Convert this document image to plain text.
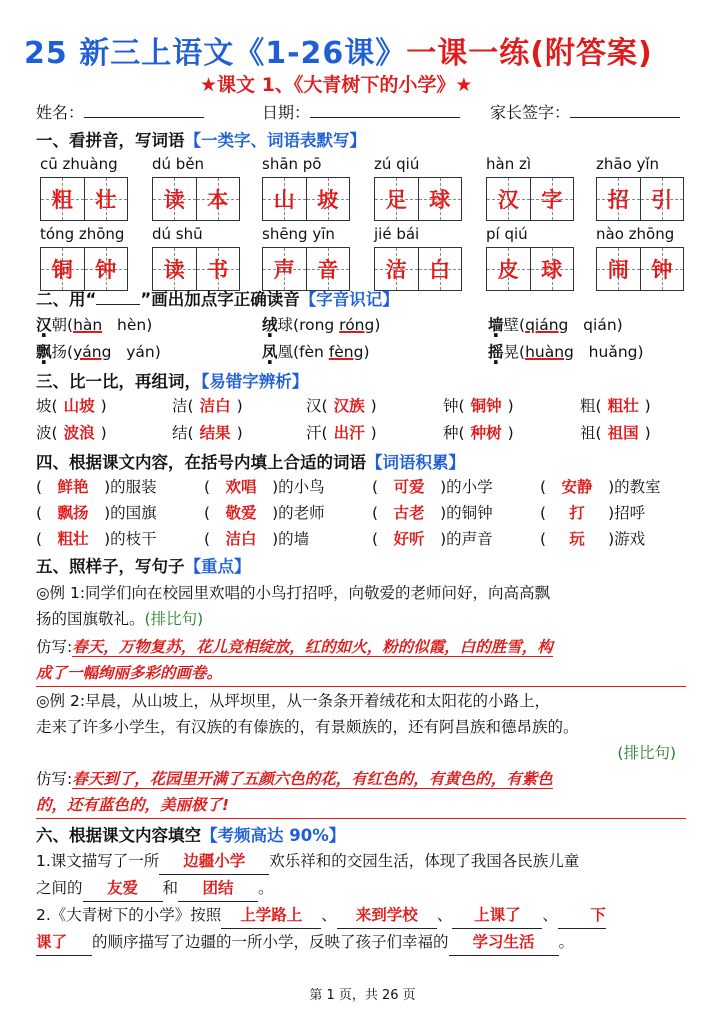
25 新三上语文《1-26课》一课一练(附答案)
★课文 1、《大青树下的小学》★
姓名：	日期：	家长签字：
一、看拼音，写词语【一类字、词语表默写】
cū zhuàng
粗 壮
dú běn
读 本
shān pō
山 坡
zú qiú
足 球
hàn zì
汉 字
zhāo yǐn
招 引
tóng zhōng
铜 钟
dú shū
读 书
shēng yīn
声 音
jié bái
洁 白
pí qiú
皮 球
nào zhōng
闹 钟
二、用“	”画出加点字正确读音【字音识记】
汉朝(hàn hèn)	绒球(rong róng)	墙壁(qiáng qián)
飘扬(yáng yán)	凤凰(fèn fèng)	摇晃(huàng huǎng)
三、比一比，再组词，【易错字辨析】
坡( 山坡 )	洁( 洁白 )	汉( 汉族 )	钟( 铜钟 )	粗( 粗壮 )
波( 波浪 )	结( 结果 )	汗( 出汗 )	种( 种树 )	祖( 祖国 )
四、根据课文内容，在括号内填上合适的词语【词语积累】
( 鲜艳 )的服装	( 欢唱 )的小鸟	( 可爱 )的小学	( 安静 )的教室
( 飘扬 )的国旗	( 敬爱 )的老师	( 古老 )的铜钟	( 打 )招呼
( 粗壮 )的枝干	( 洁白 )的墙	( 好听 )的声音	( 玩 )游戏
五、照样子，写句子【重点】
◎例 1:同学们向在校园里欢唱的小鸟打招呼，向敬爱的老师问好，向高高飘
扬的国旗敬礼。(排比句)
仿写:春天，万物复苏，花儿竞相绽放，红的如火，粉的似霞，白的胜雪，构
成了一幅绚丽多彩的画卷。
◎例 2:早晨，从山坡上，从坪坝里，从一条条开着绒花和太阳花的小路上，
走来了许多小学生，有汉族的有傣族的，有景颇族的，还有阿昌族和德昂族的。
(排比句)
仿写:春天到了，花园里开满了五颜六色的花，有红色的，有黄色的，有紫色
的，还有蓝色的，美丽极了!
六、根据课文内容填空【考频高达 90%】
1.课文描写了一所 边疆小学 欢乐祥和的交园生活，体现了我国各民族儿童
之间的 友爱 和 团结 。
2.《大青树下的小学》按照 上学路上 、 来到学校 、 上课了 、 下
课了 的顺序描写了边疆的一所小学，反映了孩子们幸福的 学习生活 。
第 1 页，共 26 页
